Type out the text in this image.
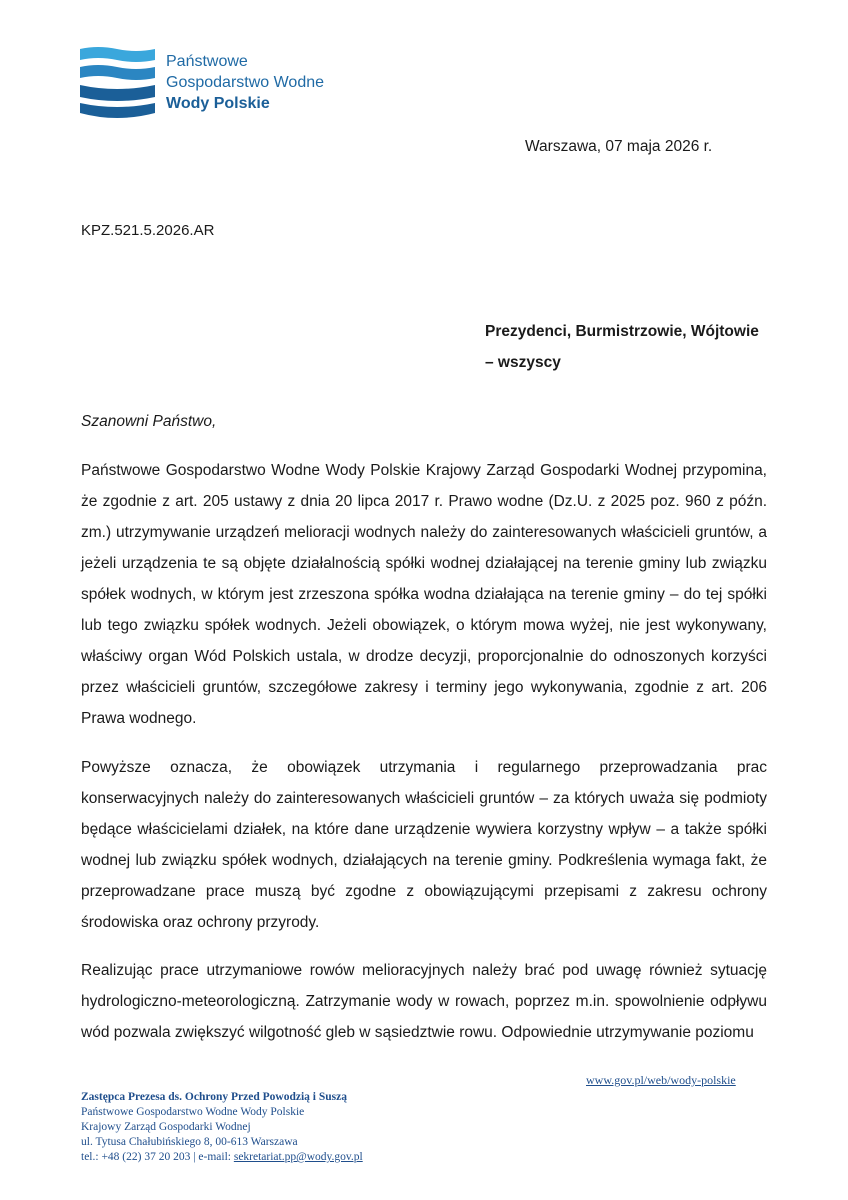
Państwowe
Gospodarstwo Wodne
Wody Polskie
Warszawa, 07 maja 2026 r.
KPZ.521.5.2026.AR
Prezydenci, Burmistrzowie, Wójtowie
– wszyscy
Szanowni Państwo,

Państwowe Gospodarstwo Wodne Wody Polskie Krajowy Zarząd Gospodarki Wodnej przypomina, że zgodnie z art. 205 ustawy z dnia 20 lipca 2017 r. Prawo wodne (Dz.U. z 2025 poz. 960 z późn. zm.) utrzymywanie urządzeń melioracji wodnych należy do zainteresowanych właścicieli gruntów, a jeżeli urządzenia te są objęte działalnością spółki wodnej działającej na terenie gminy lub związku spółek wodnych, w którym jest zrzeszona spółka wodna działająca na terenie gminy – do tej spółki lub tego związku spółek wodnych. Jeżeli obowiązek, o którym mowa wyżej, nie jest wykonywany, właściwy organ Wód Polskich ustala, w drodze decyzji, proporcjonalnie do odnoszonych korzyści przez właścicieli gruntów, szczegółowe zakresy i terminy jego wykonywania, zgodnie z art. 206 Prawa wodnego.

Powyższe oznacza, że obowiązek utrzymania i regularnego przeprowadzania prac konserwacyjnych należy do zainteresowanych właścicieli gruntów – za których uważa się podmioty będące właścicielami działek, na które dane urządzenie wywiera korzystny wpływ – a także spółki wodnej lub związku spółek wodnych, działających na terenie gminy. Podkreślenia wymaga fakt, że przeprowadzane prace muszą być zgodne z obowiązującymi przepisami z zakresu ochrony środowiska oraz ochrony przyrody.

Realizując prace utrzymaniowe rowów melioracyjnych należy brać pod uwagę również sytuację hydrologiczno-meteorologiczną. Zatrzymanie wody w rowach, poprzez m.in. spowolnienie odpływu wód pozwala zwiększyć wilgotność gleb w sąsiedztwie rowu. Odpowiednie utrzymywanie poziomu

www.gov.pl/web/wody-polskie
Zastępca Prezesa ds. Ochrony Przed Powodzią i Suszą
Państwowe Gospodarstwo Wodne Wody Polskie
Krajowy Zarząd Gospodarki Wodnej
ul. Tytusa Chałubińskiego 8, 00-613 Warszawa
tel.: +48 (22) 37 20 203 | e-mail: sekretariat.pp@wody.gov.pl
